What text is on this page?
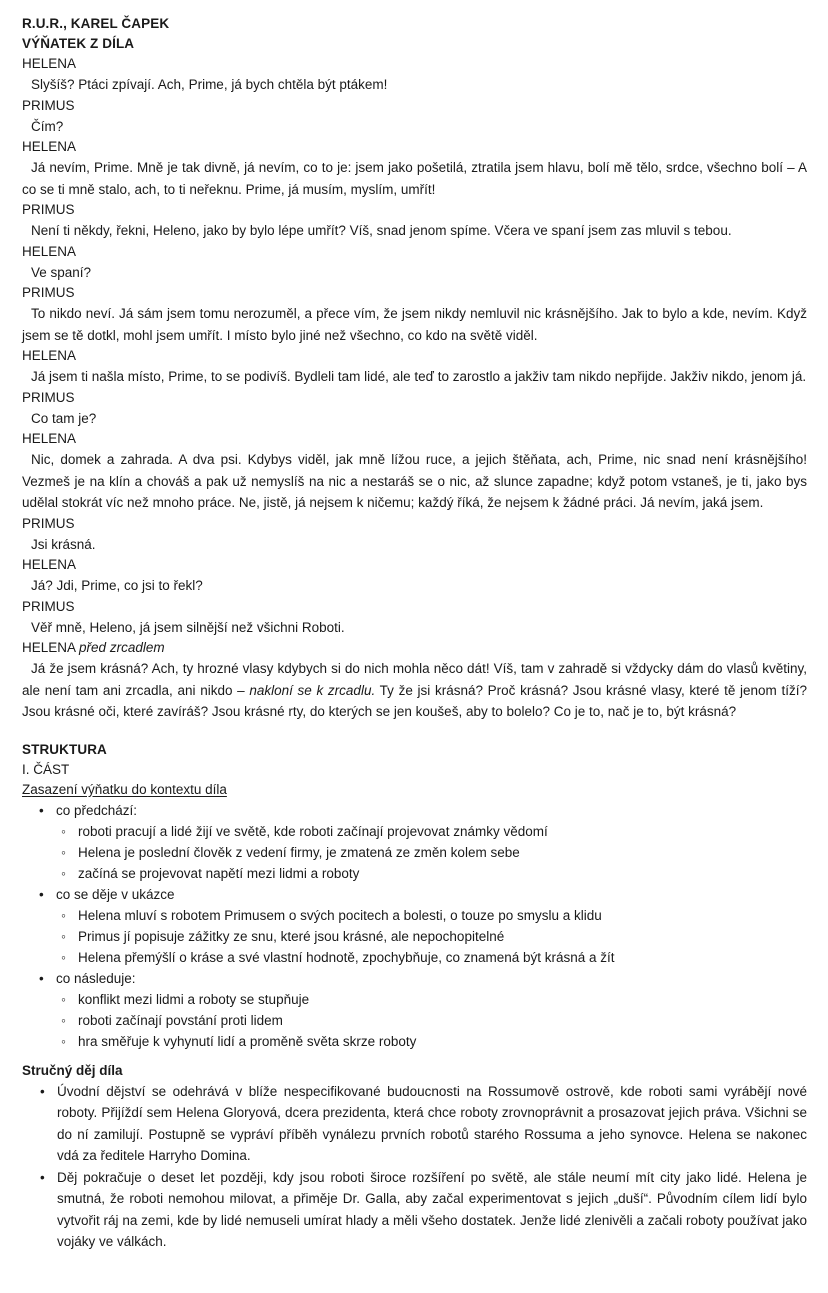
R.U.R., KAREL ČAPEK
VÝŇATEK Z DÍLA

HELENA

Slyšíš? Ptáci zpívají. Ach, Prime, já bych chtěla být ptákem!

PRIMUS

Čím?

HELENA

Já nevím, Prime. Mně je tak divně, já nevím, co to je: jsem jako pošetilá, ztratila jsem hlavu, bolí mě tělo, srdce, všechno bolí – A co se ti mně stalo, ach, to ti neřeknu. Prime, já musím, myslím, umřít!

PRIMUS

Není ti někdy, řekni, Heleno, jako by bylo lépe umřít? Víš, snad jenom spíme. Včera ve spaní jsem zas mluvil s tebou.

HELENA

Ve spaní?

PRIMUS

To nikdo neví. Já sám jsem tomu nerozuměl, a přece vím, že jsem nikdy nemluvil nic krásnějšího. Jak to bylo a kde, nevím. Když jsem se tě dotkl, mohl jsem umřít. I místo bylo jiné než všechno, co kdo na světě viděl.

HELENA

Já jsem ti našla místo, Prime, to se podivíš. Bydleli tam lidé, ale teď to zarostlo a jakživ tam nikdo nepřijde. Jakživ nikdo, jenom já.

PRIMUS

Co tam je?

HELENA

Nic, domek a zahrada. A dva psi. Kdybys viděl, jak mně lížou ruce, a jejich štěňata, ach, Prime, nic snad není krásnějšího! Vezmeš je na klín a chováš a pak už nemyslíš na nic a nestaráš se o nic, až slunce zapadne; když potom vstaneš, je ti, jako bys udělal stokrát víc než mnoho práce. Ne, jistě, já nejsem k ničemu; každý říká, že nejsem k žádné práci. Já nevím, jaká jsem.

PRIMUS

Jsi krásná.

HELENA

Já? Jdi, Prime, co jsi to řekl?

PRIMUS

Věř mně, Heleno, já jsem silnější než všichni Roboti.

HELENA před zrcadlem

Já že jsem krásná? Ach, ty hrozné vlasy kdybych si do nich mohla něco dát! Víš, tam v zahradě si vždycky dám do vlasů květiny, ale není tam ani zrcadla, ani nikdo – nakloní se k zrcadlu. Ty že jsi krásná? Proč krásná? Jsou krásné vlasy, které tě jenom tíží? Jsou krásné oči, které zavíráš? Jsou krásné rty, do kterých se jen koušeš, aby to bolelo? Co je to, nač je to, být krásná?

STRUKTURA

I. ČÁST

Zasazení výňatku do kontextu díla
• co předchází:
◦ roboti pracují a lidé žijí ve světě, kde roboti začínají projevovat známky vědomí
◦ Helena je poslední člověk z vedení firmy, je zmatená ze změn kolem sebe
◦ začíná se projevovat napětí mezi lidmi a roboty
• co se děje v ukázce
◦ Helena mluví s robotem Primusem o svých pocitech a bolesti, o touze po smyslu a klidu
◦ Primus jí popisuje zážitky ze snu, které jsou krásné, ale nepochopitelné
◦ Helena přemýšlí o kráse a své vlastní hodnotě, zpochybňuje, co znamená být krásná a žít
• co následuje:
◦ konflikt mezi lidmi a roboty se stupňuje
◦ roboti začínají povstání proti lidem
◦ hra směřuje k vyhynutí lidí a proměně světa skrze roboty
Stručný děj díla
• Úvodní dějství se odehrává v blíže nespecifikované budoucnosti na Rossumově ostrově, kde roboti sami vyrábějí nové roboty. Přijíždí sem Helena Gloryová, dcera prezidenta, která chce roboty zrovnoprávnit a prosazovat jejich práva. Všichni se do ní zamilují. Postupně se vypráví příběh vynálezu prvních robotů starého Rossuma a jeho synovce. Helena se nakonec vdá za ředitele Harryho Domina.
• Děj pokračuje o deset let později, kdy jsou roboti široce rozšíření po světě, ale stále neumí mít city jako lidé. Helena je smutná, že roboti nemohou milovat, a přiměje Dr. Galla, aby začal experimentovat s jejich „duší“. Původním cílem lidí bylo vytvořit ráj na zemi, kde by lidé nemuseli umírat hlady a měli všeho dostatek. Jenže lidé zlenivěli a začali roboty používat jako vojáky ve válkách.
